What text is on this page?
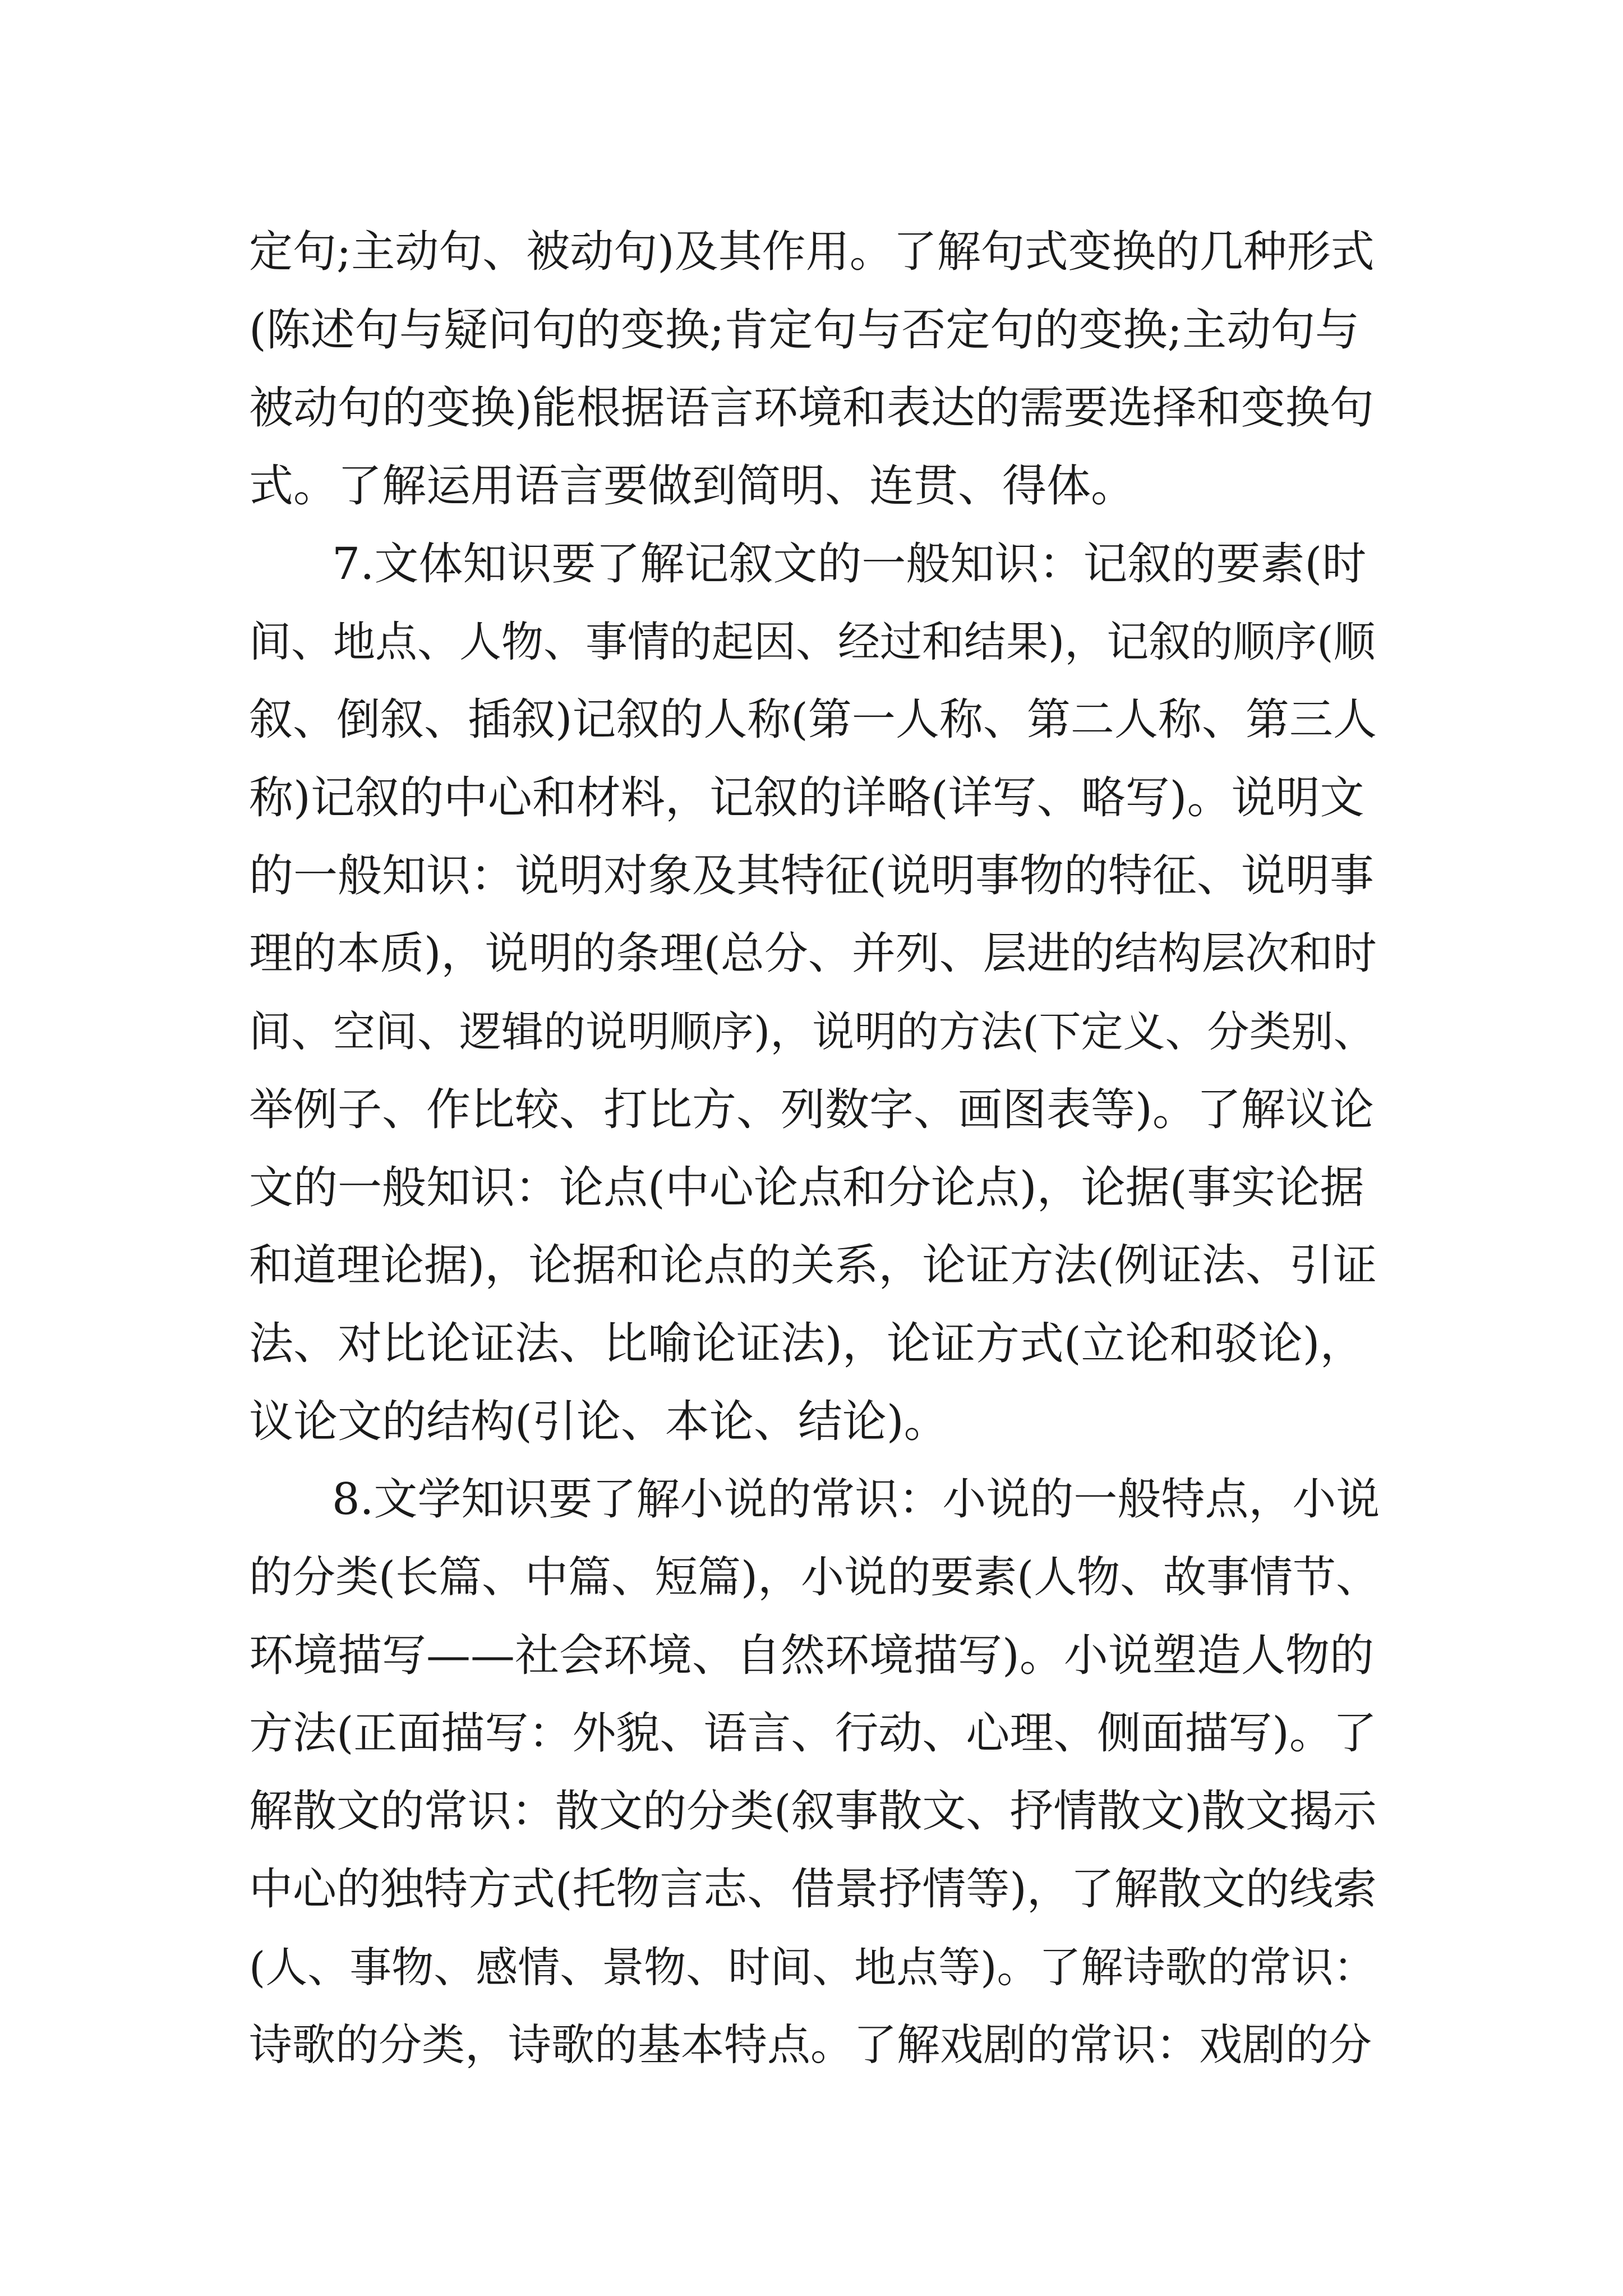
定句;主动句、被动句)及其作用。了解句式变换的几种形式
(陈述句与疑问句的变换;肯定句与否定句的变换;主动句与
被动句的变换)能根据语言环境和表达的需要选择和变换句
式。了解运用语言要做到简明、连贯、得体。
7.文体知识要了解记叙文的一般知识：记叙的要素(时
间、地点、人物、事情的起因、经过和结果)，记叙的顺序(顺
叙、倒叙、插叙)记叙的人称(第一人称、第二人称、第三人
称)记叙的中心和材料，记叙的详略(详写、略写)。说明文
的一般知识：说明对象及其特征(说明事物的特征、说明事
理的本质)，说明的条理(总分、并列、层进的结构层次和时
间、空间、逻辑的说明顺序)，说明的方法(下定义、分类别、
举例子、作比较、打比方、列数字、画图表等)。了解议论
文的一般知识：论点(中心论点和分论点)，论据(事实论据
和道理论据)，论据和论点的关系，论证方法(例证法、引证
法、对比论证法、比喻论证法)，论证方式(立论和驳论)，
议论文的结构(引论、本论、结论)。
8.文学知识要了解小说的常识：小说的一般特点，小说
的分类(长篇、中篇、短篇)，小说的要素(人物、故事情节、
环境描写——社会环境、自然环境描写)。小说塑造人物的
方法(正面描写：外貌、语言、行动、心理、侧面描写)。了
解散文的常识：散文的分类(叙事散文、抒情散文)散文揭示
中心的独特方式(托物言志、借景抒情等)，了解散文的线索
(人、事物、感情、景物、时间、地点等)。了解诗歌的常识：
诗歌的分类，诗歌的基本特点。了解戏剧的常识：戏剧的分
